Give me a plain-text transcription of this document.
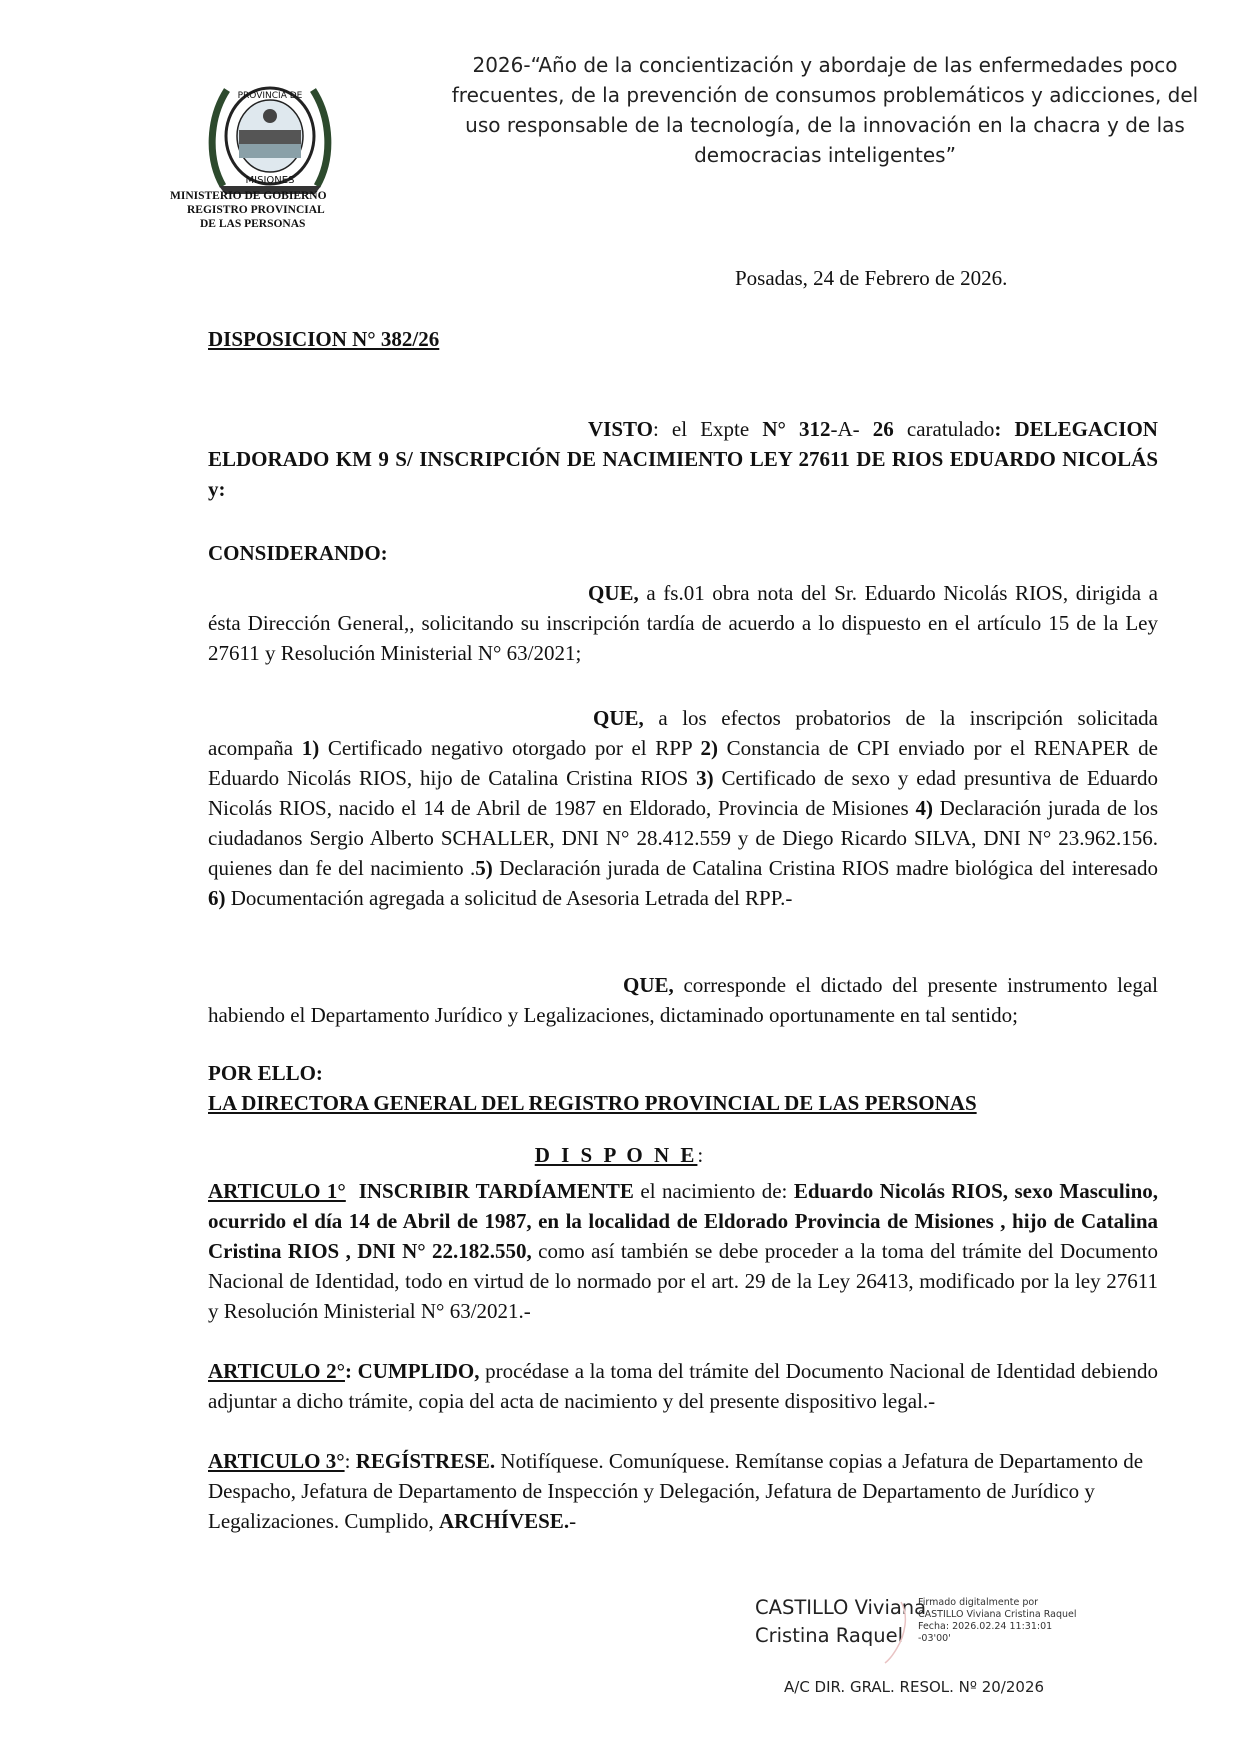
2026-“Año de la concientización y abordaje de las enfermedades poco frecuentes, de la prevención de consumos problemáticos y adicciones, del uso responsable de la tecnología, de la innovación en la chacra y de las democracias inteligentes”
PROVINCIA DE
MISIONES
MINISTERIO DE GOBIERNO
REGISTRO PROVINCIAL
DE LAS PERSONAS
Posadas, 24 de Febrero de 2026.
DISPOSICION N° 382/26
VISTO: el Expte N° 312-A- 26 caratulado: DELEGACION ELDORADO KM 9 S/ INSCRIPCIÓN DE NACIMIENTO LEY 27611 DE RIOS EDUARDO NICOLÁS y:
CONSIDERANDO:
QUE, a fs.01 obra nota del Sr. Eduardo Nicolás RIOS, dirigida a ésta Dirección General,, solicitando su inscripción tardía de acuerdo a lo dispuesto en el artículo 15 de la Ley 27611 y Resolución Ministerial N° 63/2021;
QUE, a los efectos probatorios de la inscripción solicitada acompaña 1) Certificado negativo otorgado por el RPP 2) Constancia de CPI enviado por el RENAPER de Eduardo Nicolás RIOS, hijo de Catalina Cristina RIOS 3) Certificado de sexo y edad presuntiva de Eduardo Nicolás RIOS, nacido el 14 de Abril de 1987 en Eldorado, Provincia de Misiones 4) Declaración jurada de los ciudadanos Sergio Alberto SCHALLER, DNI N° 28.412.559 y de Diego Ricardo SILVA, DNI N° 23.962.156. quienes dan fe del nacimiento .5) Declaración jurada de Catalina Cristina RIOS madre biológica del interesado 6) Documentación agregada a solicitud de Asesoria Letrada del RPP.-
QUE, corresponde el dictado del presente instrumento legal habiendo el Departamento Jurídico y Legalizaciones, dictaminado oportunamente en tal sentido;
POR ELLO:
LA DIRECTORA GENERAL DEL REGISTRO PROVINCIAL DE LAS PERSONAS
D I S P O N E:
ARTICULO 1° INSCRIBIR TARDÍAMENTE el nacimiento de: Eduardo Nicolás RIOS, sexo Masculino, ocurrido el día 14 de Abril de 1987, en la localidad de Eldorado Provincia de Misiones , hijo de Catalina Cristina RIOS , DNI N° 22.182.550, como así también se debe proceder a la toma del trámite del Documento Nacional de Identidad, todo en virtud de lo normado por el art. 29 de la Ley 26413, modificado por la ley 27611 y Resolución Ministerial N° 63/2021.-
ARTICULO 2°: CUMPLIDO, procédase a la toma del trámite del Documento Nacional de Identidad debiendo adjuntar a dicho trámite, copia del acta de nacimiento y del presente dispositivo legal.-
ARTICULO 3°: REGÍSTRESE. Notifíquese. Comuníquese. Remítanse copias a Jefatura de Departamento de Despacho, Jefatura de Departamento de Inspección y Delegación, Jefatura de Departamento de Jurídico y Legalizaciones. Cumplido, ARCHÍVESE.-
CASTILLO Viviana
Cristina Raquel
Firmado digitalmente por
CASTILLO Viviana Cristina Raquel
Fecha: 2026.02.24 11:31:01
-03'00'
A/C DIR. GRAL. RESOL. Nº 20/2026
